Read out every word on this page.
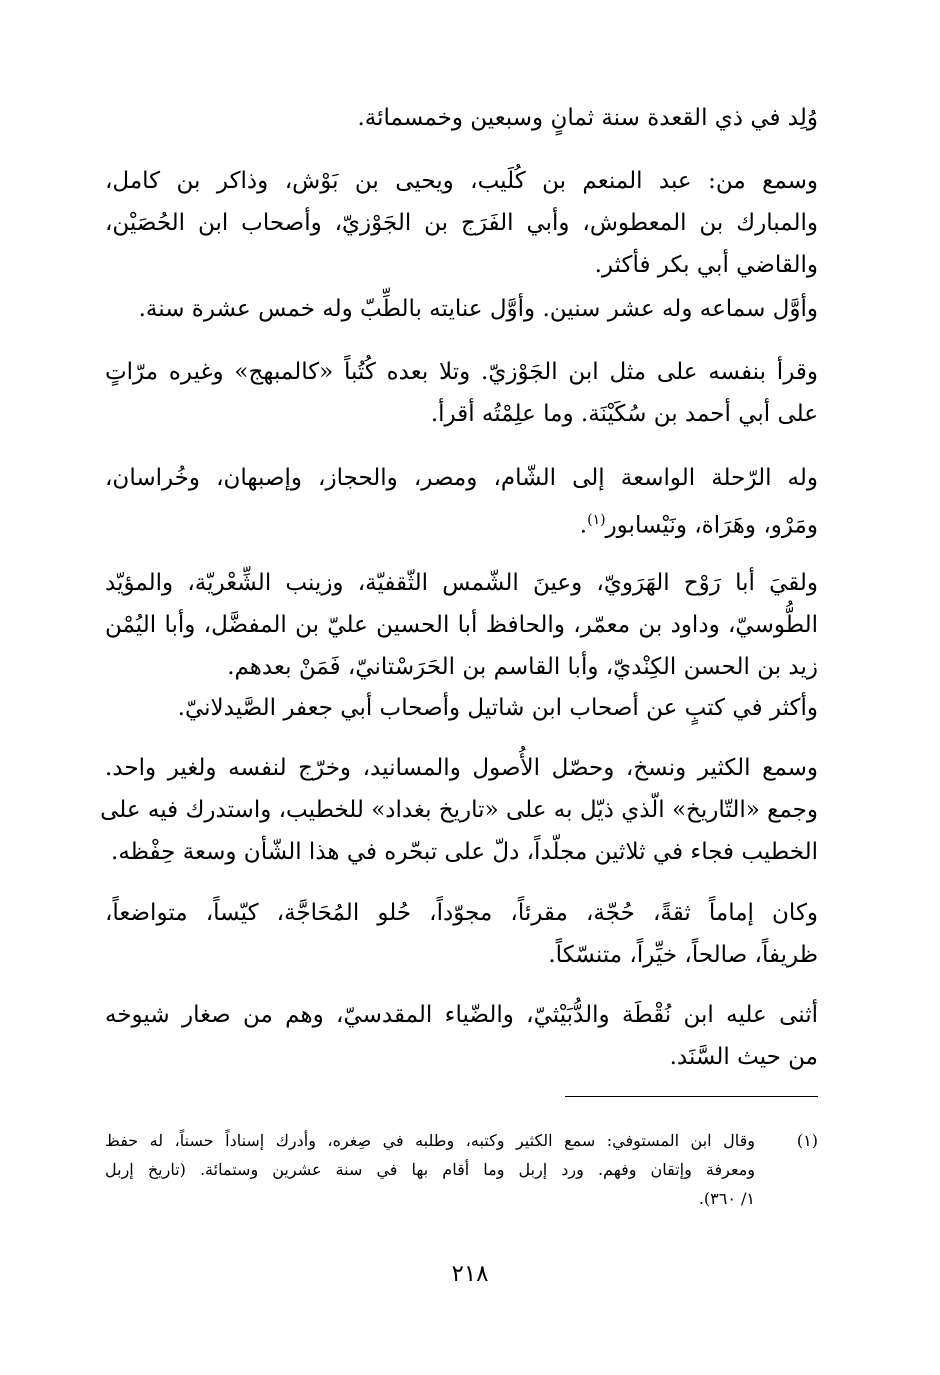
وُلِد في ذي القعدة سنة ثمانٍ وسبعين وخمسمائة.
وسمع من: عبد المنعم بن كُلَيب، ويحيى بن بَوْش، وذاكر بن كامل،
والمبارك بن المعطوش، وأبي الفَرَج بن الجَوْزيّ، وأصحاب ابن الحُصَيْن،
والقاضي أبي بكر فأكثر.
وأوَّل سماعه وله عشر سنين. وأوَّل عنايته بالطِّبّ وله خمس عشرة سنة.
وقرأ بنفسه على مثل ابن الجَوْزيّ. وتلا بعده كُتُباً «كالمبهج» وغيره مرّاتٍ
على أبي أحمد بن سُكَيْنَة. وما علِمْتُه أقرأ.
وله الرّحلة الواسعة إلى الشّام، ومصر، والحجاز، وإصبهان، وخُراسان،
ومَرْو، وهَرَاة، ونَيْسابور$^{(١)}$.
ولقيَ أبا رَوْح الهَرَويّ، وعينَ الشّمس الثّقفيّة، وزينب الشِّعْريّة، والمؤيّد
الطُّوسيّ، وداود بن معمّر، والحافظ أبا الحسين عليّ بن المفضَّل، وأبا اليُمْن
زيد بن الحسن الكِنْديّ، وأبا القاسم بن الحَرَسْتانيّ، فَمَنْ بعدهم.
وأكثر في كتبٍ عن أصحاب ابن شاتيل وأصحاب أبي جعفر الصَّيدلانيّ.
وسمع الكثير ونسخ، وحصّل الأُصول والمسانيد، وخرّج لنفسه ولغير واحد.
وجمع «التّاريخ» الّذي ذيّل به على «تاريخ بغداد» للخطيب، واستدرك فيه على
الخطيب فجاء في ثلاثين مجلّداً، دلّ على تبحّره في هذا الشّأن وسعة حِفْظه.
وكان إماماً ثقةً، حُجّة، مقرئاً، مجوّداً، حُلو المُحَاجَّة، كيّساً، متواضعاً،
ظريفاً، صالحاً، خيِّراً، متنسّكاً.
أثنى عليه ابن نُقْطَة والدُّبَيْثيّ، والضّياء المقدسيّ، وهم من صغار شيوخه
من حيث السَّنَد.
(١)
وقال ابن المستوفي: سمع الكثير وكتبه، وطلبه في صِغره، وأدرك إسناداً حسناً، له حفظ
ومعرفة وإتقان وفهم. ورد إربل وما أقام بها في سنة عشرين وستمائة. (تاريخ إربل
١/ ٣٦٠).
٢١٨
